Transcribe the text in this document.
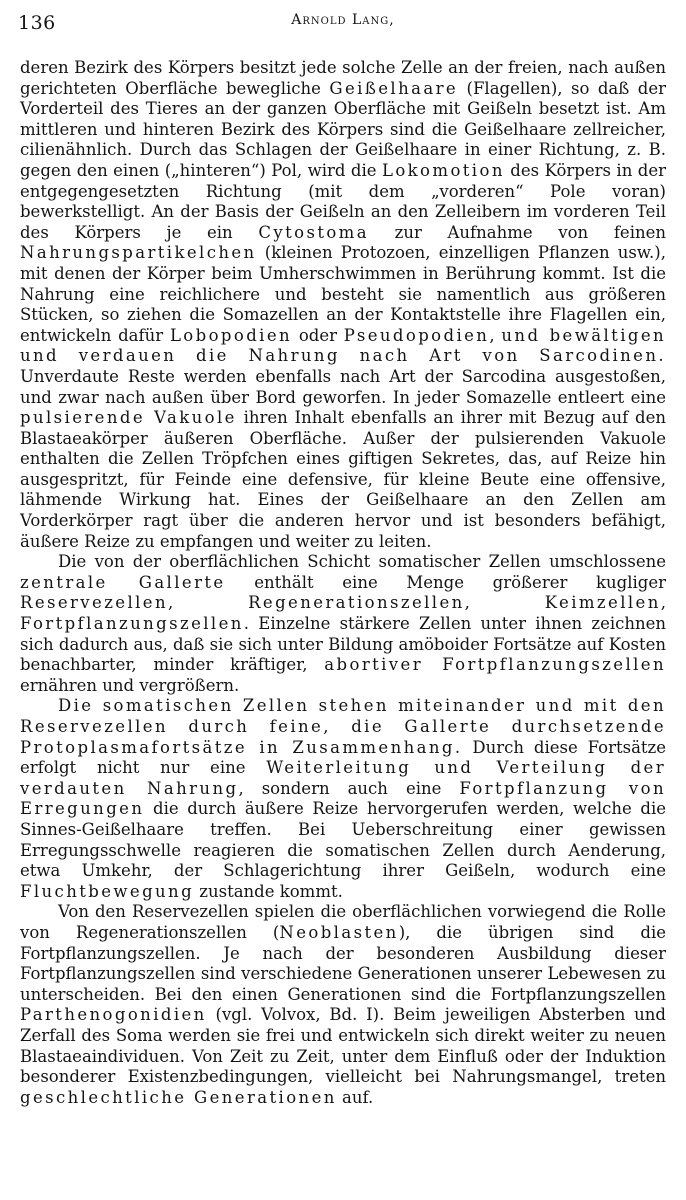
136	Arnold Lang,

deren Bezirk des Körpers besitzt jede solche Zelle an der freien, nach außen gerichteten Oberfläche bewegliche Geißelhaare (Flagellen), so daß der Vorderteil des Tieres an der ganzen Oberfläche mit Geißeln besetzt ist. Am mittleren und hinteren Bezirk des Körpers sind die Geißelhaare zellreicher, cilienähnlich. Durch das Schlagen der Geißelhaare in einer Richtung, z. B. gegen den einen („hinteren“) Pol, wird die Lokomotion des Körpers in der entgegengesetzten Richtung (mit dem „vorderen“ Pole voran) bewerkstelligt. An der Basis der Geißeln an den Zelleibern im vorderen Teil des Körpers je ein Cytostoma zur Aufnahme von feinen Nahrungspartikelchen (kleinen Protozoen, einzelligen Pflanzen usw.), mit denen der Körper beim Umherschwimmen in Berührung kommt. Ist die Nahrung eine reichlichere und besteht sie namentlich aus größeren Stücken, so ziehen die Somazellen an der Kontaktstelle ihre Flagellen ein, entwickeln dafür Lobopodien oder Pseudopodien, und bewältigen und verdauen die Nahrung nach Art von Sarcodinen. Unverdaute Reste werden ebenfalls nach Art der Sarcodina ausgestoßen, und zwar nach außen über Bord geworfen. In jeder Somazelle entleert eine pulsierende Vakuole ihren Inhalt ebenfalls an ihrer mit Bezug auf den Blastaeakörper äußeren Oberfläche. Außer der pulsierenden Vakuole enthalten die Zellen Tröpfchen eines giftigen Sekretes, das, auf Reize hin ausgespritzt, für Feinde eine defensive, für kleine Beute eine offensive, lähmende Wirkung hat. Eines der Geißelhaare an den Zellen am Vorderkörper ragt über die anderen hervor und ist besonders befähigt, äußere Reize zu empfangen und weiter zu leiten.

Die von der oberflächlichen Schicht somatischer Zellen umschlossene zentrale Gallerte enthält eine Menge größerer kugliger Reservezellen, Regenerationszellen, Keimzellen, Fortpflanzungszellen. Einzelne stärkere Zellen unter ihnen zeichnen sich dadurch aus, daß sie sich unter Bildung amöboider Fortsätze auf Kosten benachbarter, minder kräftiger, abortiver Fortpflanzungszellen ernähren und vergrößern.

Die somatischen Zellen stehen miteinander und mit den Reservezellen durch feine, die Gallerte durchsetzende Protoplasmafortsätze in Zusammenhang. Durch diese Fortsätze erfolgt nicht nur eine Weiterleitung und Verteilung der verdauten Nahrung, sondern auch eine Fortpflanzung von Erregungen die durch äußere Reize hervorgerufen werden, welche die Sinnes-Geißelhaare treffen. Bei Ueberschreitung einer gewissen Erregungsschwelle reagieren die somatischen Zellen durch Aenderung, etwa Umkehr, der Schlagerichtung ihrer Geißeln, wodurch eine Fluchtbewegung zustande kommt.

Von den Reservezellen spielen die oberflächlichen vorwiegend die Rolle von Regenerationszellen (Neoblasten), die übrigen sind die Fortpflanzungszellen. Je nach der besonderen Ausbildung dieser Fortpflanzungszellen sind verschiedene Generationen unserer Lebewesen zu unterscheiden. Bei den einen Generationen sind die Fortpflanzungszellen Parthenogonidien (vgl. Volvox, Bd. I). Beim jeweiligen Absterben und Zerfall des Soma werden sie frei und entwickeln sich direkt weiter zu neuen Blastaeaindividuen. Von Zeit zu Zeit, unter dem Einfluß oder der Induktion besonderer Existenzbedingungen, vielleicht bei Nahrungsmangel, treten geschlechtliche Generationen auf.
